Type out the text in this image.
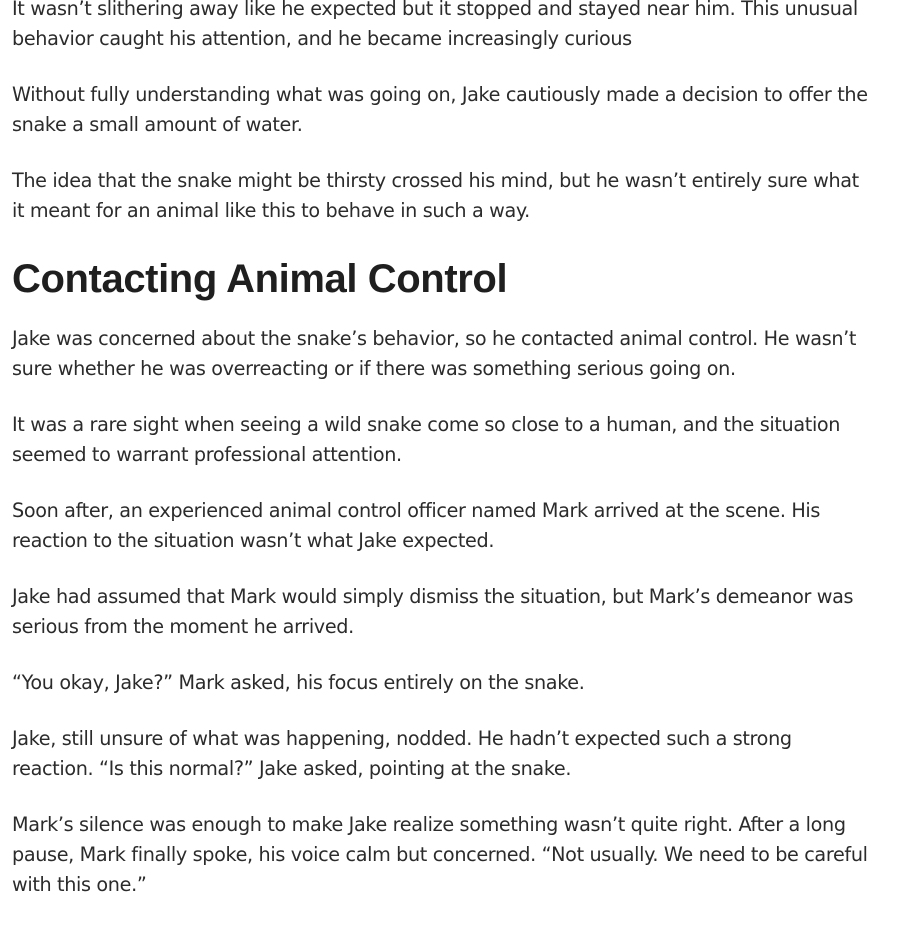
It wasn’t slithering away like he expected but it stopped and stayed near him. This unusual behavior caught his attention, and he became increasingly curious

Without fully understanding what was going on, Jake cautiously made a decision to offer the snake a small amount of water.

The idea that the snake might be thirsty crossed his mind, but he wasn’t entirely sure what it meant for an animal like this to behave in such a way.

Contacting Animal Control

Jake was concerned about the snake’s behavior, so he contacted animal control. He wasn’t sure whether he was overreacting or if there was something serious going on.

It was a rare sight when seeing a wild snake come so close to a human, and the situation seemed to warrant professional attention.

Soon after, an experienced animal control officer named Mark arrived at the scene. His reaction to the situation wasn’t what Jake expected.

Jake had assumed that Mark would simply dismiss the situation, but Mark’s demeanor was serious from the moment he arrived.

“You okay, Jake?” Mark asked, his focus entirely on the snake.

Jake, still unsure of what was happening, nodded. He hadn’t expected such a strong reaction. “Is this normal?” Jake asked, pointing at the snake.

Mark’s silence was enough to make Jake realize something wasn’t quite right. After a long pause, Mark finally spoke, his voice calm but concerned. “Not usually. We need to be careful with this one.”
